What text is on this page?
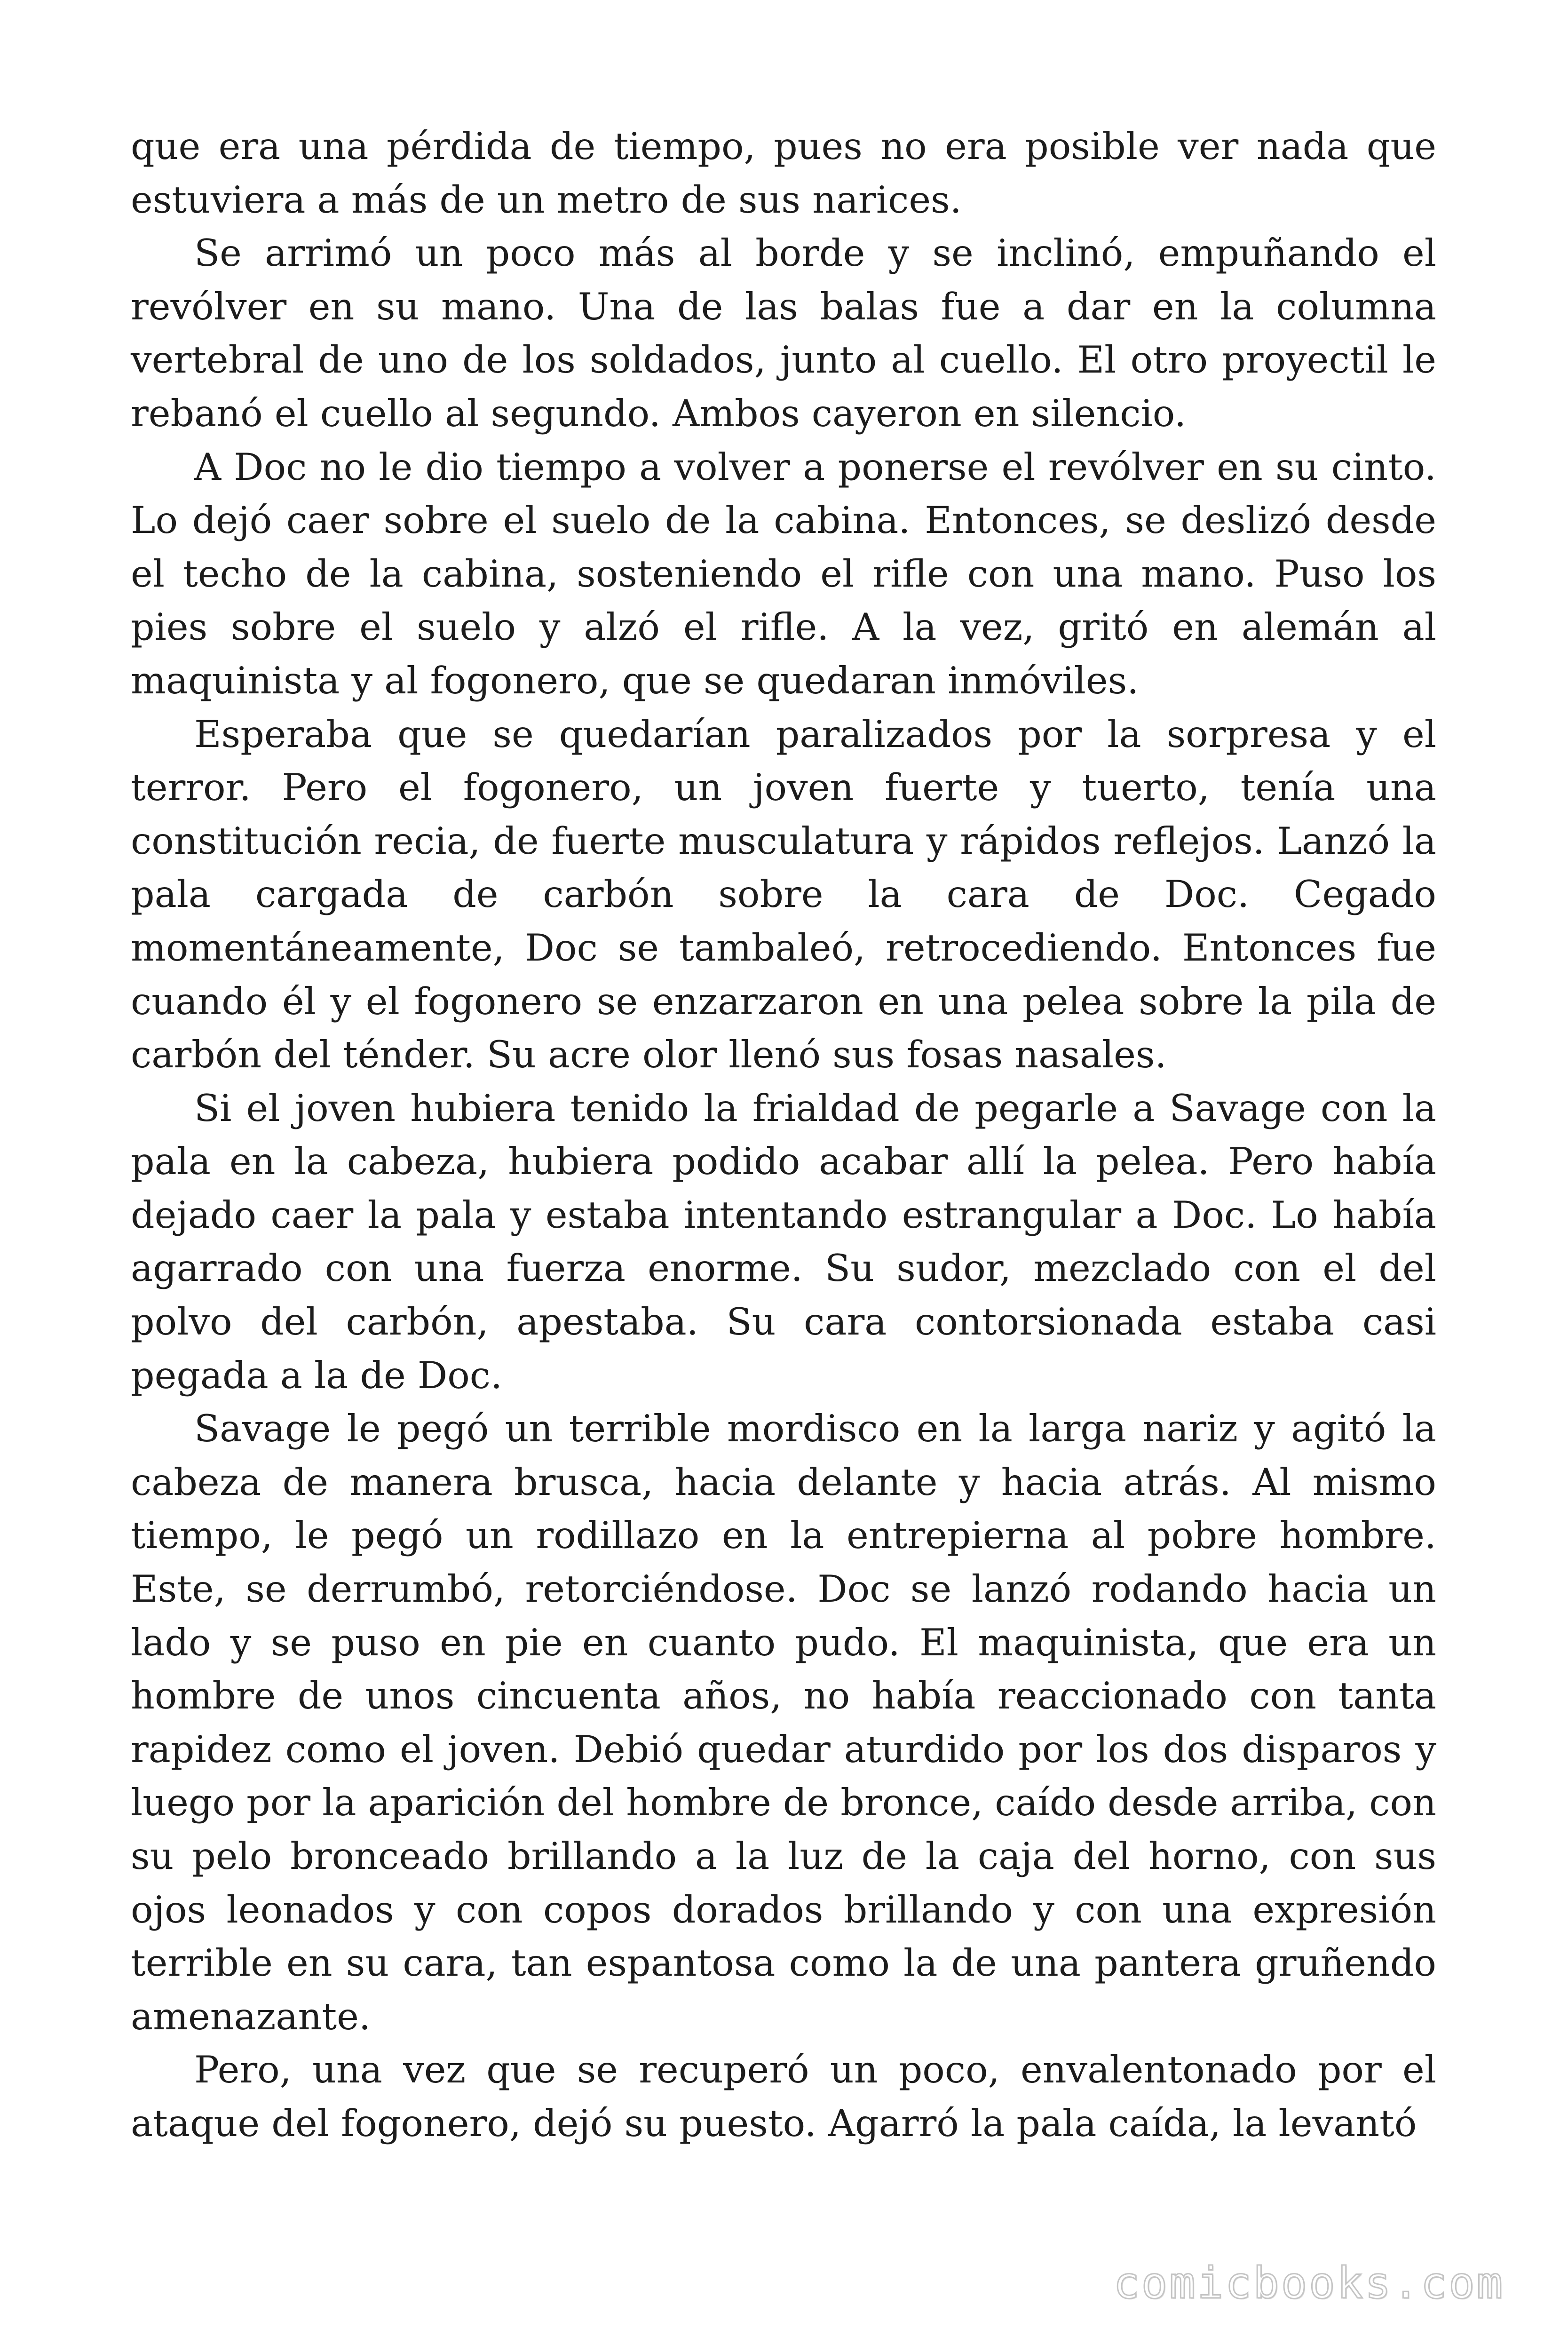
que era una pérdida de tiempo, pues no era posible ver nada que estuviera a más de un metro de sus narices.

Se arrimó un poco más al borde y se inclinó, empuñando el revólver en su mano. Una de las balas fue a dar en la columna vertebral de uno de los soldados, junto al cuello. El otro proyectil le rebanó el cuello al segundo. Ambos cayeron en silencio.

A Doc no le dio tiempo a volver a ponerse el revólver en su cinto. Lo dejó caer sobre el suelo de la cabina. Entonces, se deslizó desde el techo de la cabina, sosteniendo el rifle con una mano. Puso los pies sobre el suelo y alzó el rifle. A la vez, gritó en alemán al maquinista y al fogonero, que se quedaran inmóviles.

Esperaba que se quedarían paralizados por la sorpresa y el terror. Pero el fogonero, un joven fuerte y tuerto, tenía una constitución recia, de fuerte musculatura y rápidos reflejos. Lanzó la pala cargada de carbón sobre la cara de Doc. Cegado momentáneamente, Doc se tambaleó, retrocediendo. Entonces fue cuando él y el fogonero se enzarzaron en una pelea sobre la pila de carbón del ténder. Su acre olor llenó sus fosas nasales.

Si el joven hubiera tenido la frialdad de pegarle a Savage con la pala en la cabeza, hubiera podido acabar allí la pelea. Pero había dejado caer la pala y estaba intentando estrangular a Doc. Lo había agarrado con una fuerza enorme. Su sudor, mezclado con el del polvo del carbón, apestaba. Su cara contorsionada estaba casi pegada a la de Doc.

Savage le pegó un terrible mordisco en la larga nariz y agitó la cabeza de manera brusca, hacia delante y hacia atrás. Al mismo tiempo, le pegó un rodillazo en la entrepierna al pobre hombre. Este, se derrumbó, retorciéndose. Doc se lanzó rodando hacia un lado y se puso en pie en cuanto pudo. El maquinista, que era un hombre de unos cincuenta años, no había reaccionado con tanta rapidez como el joven. Debió quedar aturdido por los dos disparos y luego por la aparición del hombre de bronce, caído desde arriba, con su pelo bronceado brillando a la luz de la caja del horno, con sus ojos leonados y con copos dorados brillando y con una expresión terrible en su cara, tan espantosa como la de una pantera gruñendo amenazante.

Pero, una vez que se recuperó un poco, envalentonado por el ataque del fogonero, dejó su puesto. Agarró la pala caída, la levantó

comicbooks.com
